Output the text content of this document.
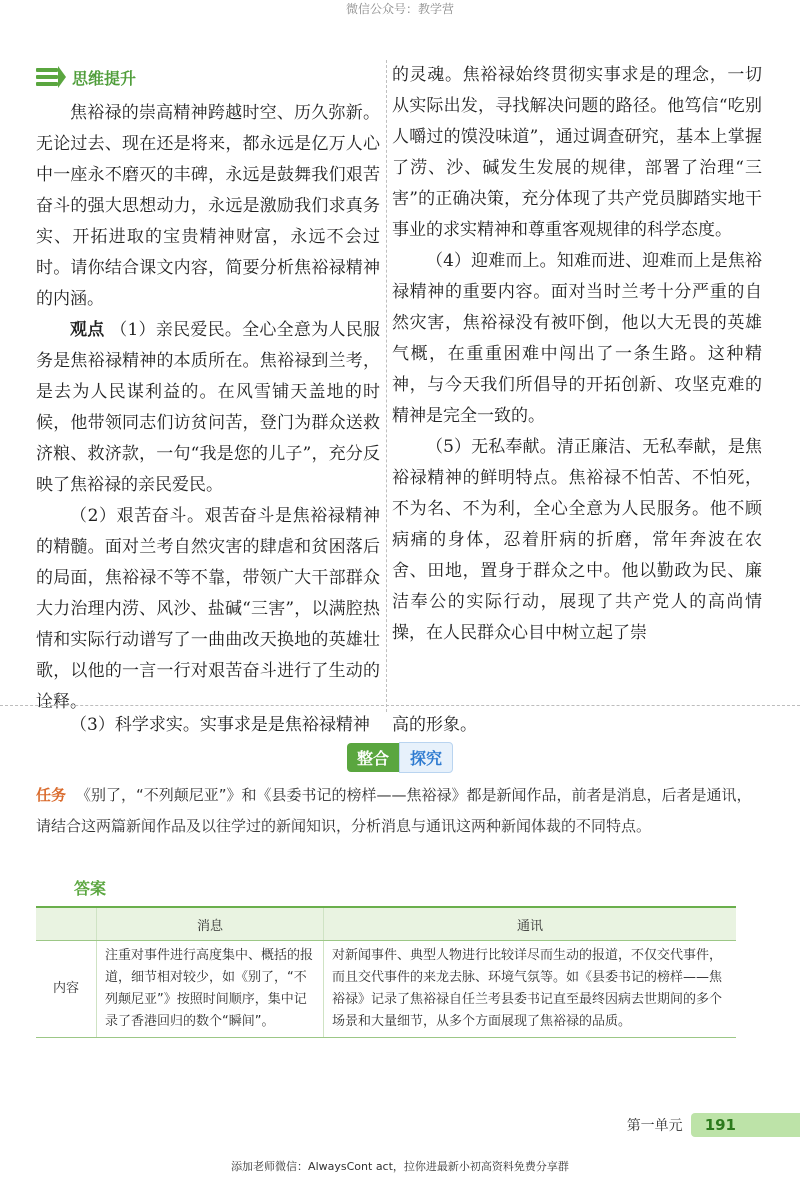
微信公众号：教学营
思维提升

焦裕禄的崇高精神跨越时空、历久弥新。无论过去、现在还是将来，都永远是亿万人心中一座永不磨灭的丰碑，永远是鼓舞我们艰苦奋斗的强大思想动力，永远是激励我们求真务实、开拓进取的宝贵精神财富，永远不会过时。请你结合课文内容，简要分析焦裕禄精神的内涵。

观点 （1）亲民爱民。全心全意为人民服务是焦裕禄精神的本质所在。焦裕禄到兰考，是去为人民谋利益的。在风雪铺天盖地的时候，他带领同志们访贫问苦，登门为群众送救济粮、救济款，一句“我是您的儿子”，充分反映了焦裕禄的亲民爱民。

（2）艰苦奋斗。艰苦奋斗是焦裕禄精神的精髓。面对兰考自然灾害的肆虐和贫困落后的局面，焦裕禄不等不靠，带领广大干部群众大力治理内涝、风沙、盐碱“三害”，以满腔热情和实际行动谱写了一曲曲改天换地的英雄壮歌，以他的一言一行对艰苦奋斗进行了生动的诠释。

的灵魂。焦裕禄始终贯彻实事求是的理念，一切从实际出发，寻找解决问题的路径。他笃信“吃别人嚼过的馍没味道”，通过调查研究，基本上掌握了涝、沙、碱发生发展的规律，部署了治理“三害”的正确决策，充分体现了共产党员脚踏实地干事业的求实精神和尊重客观规律的科学态度。

（4）迎难而上。知难而进、迎难而上是焦裕禄精神的重要内容。面对当时兰考十分严重的自然灾害，焦裕禄没有被吓倒，他以大无畏的英雄气概，在重重困难中闯出了一条生路。这种精神，与今天我们所倡导的开拓创新、攻坚克难的精神是完全一致的。

（5）无私奉献。清正廉洁、无私奉献，是焦裕禄精神的鲜明特点。焦裕禄不怕苦、不怕死，不为名、不为利，全心全意为人民服务。他不顾病痛的身体，忍着肝病的折磨，常年奔波在农舍、田地，置身于群众之中。他以勤政为民、廉洁奉公的实际行动，展现了共产党人的高尚情操，在人民群众心目中树立起了崇

（3）科学求实。实事求是是焦裕禄精神	高的形象。

整合	探究
任务 《别了，“不列颠尼亚”》和《县委书记的榜样——焦裕禄》都是新闻作品，前者是消息，后者是通讯，请结合这两篇新闻作品及以往学过的新闻知识，分析消息与通讯这两种新闻体裁的不同特点。
答案
	消息	通讯
内容	注重对事件进行高度集中、概括的报道，细节相对较少，如《别了，“不列颠尼亚”》按照时间顺序，集中记录了香港回归的数个“瞬间”。	对新闻事件、典型人物进行比较详尽而生动的报道，不仅交代事件，而且交代事件的来龙去脉、环境气氛等。如《县委书记的榜样——焦裕禄》记录了焦裕禄自任兰考县委书记直至最终因病去世期间的多个场景和大量细节，从多个方面展现了焦裕禄的品质。
第一单元	191
添加老师微信：AlwaysCont act，拉你进最新小初高资料免费分享群
